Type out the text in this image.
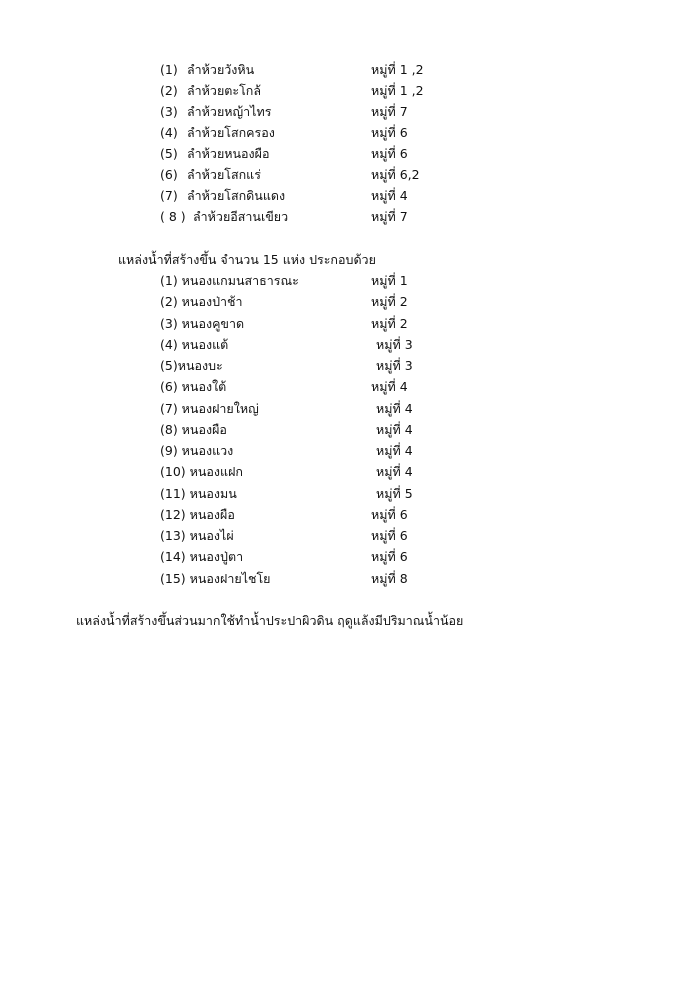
(1) ลำห้วยวังหิน	หมู่ที่ 1 ,2
(2) ลำห้วยตะโกล้	หมู่ที่ 1 ,2
(3) ลำห้วยหญ้าไทร	หมู่ที่ 7
(4) ลำห้วยโสกครอง	หมู่ที่ 6
(5) ลำห้วยหนองผือ	หมู่ที่ 6
(6) ลำห้วยโสกแร่	หมู่ที่ 6,2
(7) ลำห้วยโสกดินแดง	หมู่ที่ 4
( 8 ) ลำห้วยอีสานเขียว	หมู่ที่ 7
แหล่งน้ำที่สร้างขึ้น จำนวน 15 แห่ง ประกอบด้วย
(1) หนองแกมนสาธารณะ	หมู่ที่ 1
(2) หนองป่าช้า	หมู่ที่ 2
(3) หนองคูขาด	หมู่ที่ 2
(4) หนองแต้	หมู่ที่ 3
(5)หนองบะ	หมู่ที่ 3
(6) หนองใต้	หมู่ที่ 4
(7) หนองฝายใหญ่	หมู่ที่ 4
(8) หนองผือ	หมู่ที่ 4
(9) หนองแวง	หมู่ที่ 4
(10) หนองแฝก	หมู่ที่ 4
(11) หนองมน	หมู่ที่ 5
(12) หนองผือ	หมู่ที่ 6
(13) หนองไผ่	หมู่ที่ 6
(14) หนองปู่ตา	หมู่ที่ 6
(15) หนองฝายไชโย	หมู่ที่ 8
แหล่งน้ำที่สร้างขึ้นส่วนมากใช้ทำน้ำประปาผิวดิน ฤดูแล้งมีปริมาณน้ำน้อย
